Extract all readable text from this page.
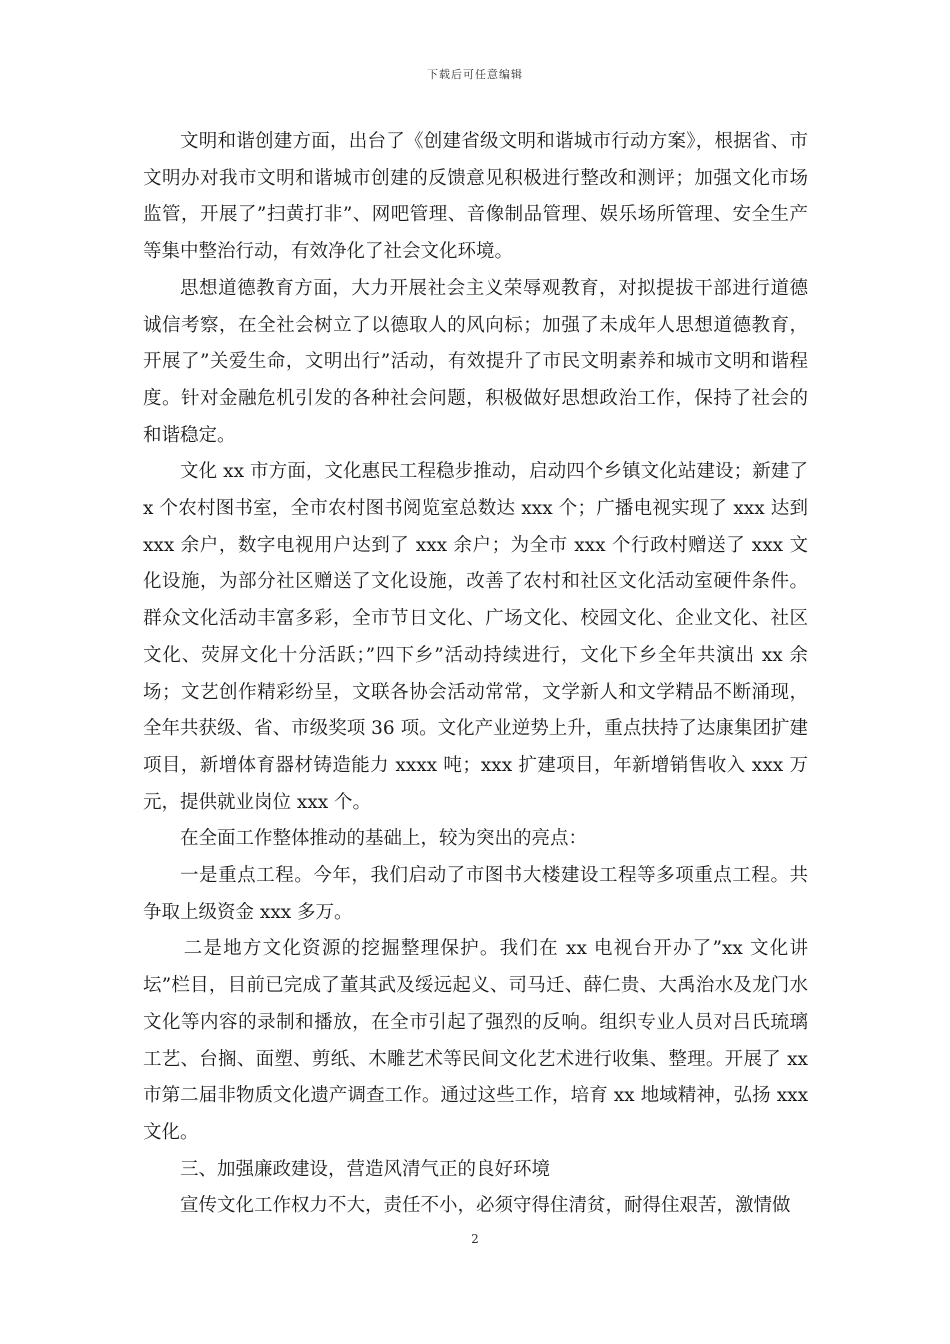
下载后可任意编辑

文明和谐创建方面，出台了《创建省级文明和谐城市行动方案》，根据省、市文明办对我市文明和谐城市创建的反馈意见积极进行整改和测评；加强文化市场监管，开展了”扫黄打非”、网吧管理、音像制品管理、娱乐场所管理、安全生产等集中整治行动，有效净化了社会文化环境。

思想道德教育方面，大力开展社会主义荣辱观教育，对拟提拔干部进行道德诚信考察，在全社会树立了以德取人的风向标；加强了未成年人思想道德教育，开展了”关爱生命，文明出行”活动，有效提升了市民文明素养和城市文明和谐程度。针对金融危机引发的各种社会问题，积极做好思想政治工作，保持了社会的和谐稳定。

文化 xx 市方面，文化惠民工程稳步推动，启动四个乡镇文化站建设；新建了 x 个农村图书室，全市农村图书阅览室总数达 xxx 个；广播电视实现了 xxx 达到 xxx 余户，数字电视用户达到了 xxx 余户；为全市 xxx 个行政村赠送了 xxx 文化设施，为部分社区赠送了文化设施，改善了农村和社区文化活动室硬件条件。群众文化活动丰富多彩，全市节日文化、广场文化、校园文化、企业文化、社区文化、荧屏文化十分活跃；”四下乡”活动持续进行，文化下乡全年共演出 xx 余场；文艺创作精彩纷呈，文联各协会活动常常，文学新人和文学精品不断涌现，全年共获级、省、市级奖项 36 项。文化产业逆势上升，重点扶持了达康集团扩建项目，新增体育器材铸造能力 xxxx 吨；xxx 扩建项目，年新增销售收入 xxx 万元，提供就业岗位 xxx 个。

在全面工作整体推动的基础上，较为突出的亮点：

一是重点工程。今年，我们启动了市图书大楼建设工程等多项重点工程。共争取上级资金 xxx 多万。

二是地方文化资源的挖掘整理保护。我们在 xx 电视台开办了”xx 文化讲坛”栏目，目前已完成了董其武及绥远起义、司马迁、薛仁贵、大禹治水及龙门水文化等内容的录制和播放，在全市引起了强烈的反响。组织专业人员对吕氏琉璃工艺、台搁、面塑、剪纸、木雕艺术等民间文化艺术进行收集、整理。开展了 xx 市第二届非物质文化遗产调查工作。通过这些工作，培育 xx 地域精神，弘扬 xxx 文化。

三、加强廉政建设，营造风清气正的良好环境

宣传文化工作权力不大，责任不小，必须守得住清贫，耐得住艰苦，激情做

2
